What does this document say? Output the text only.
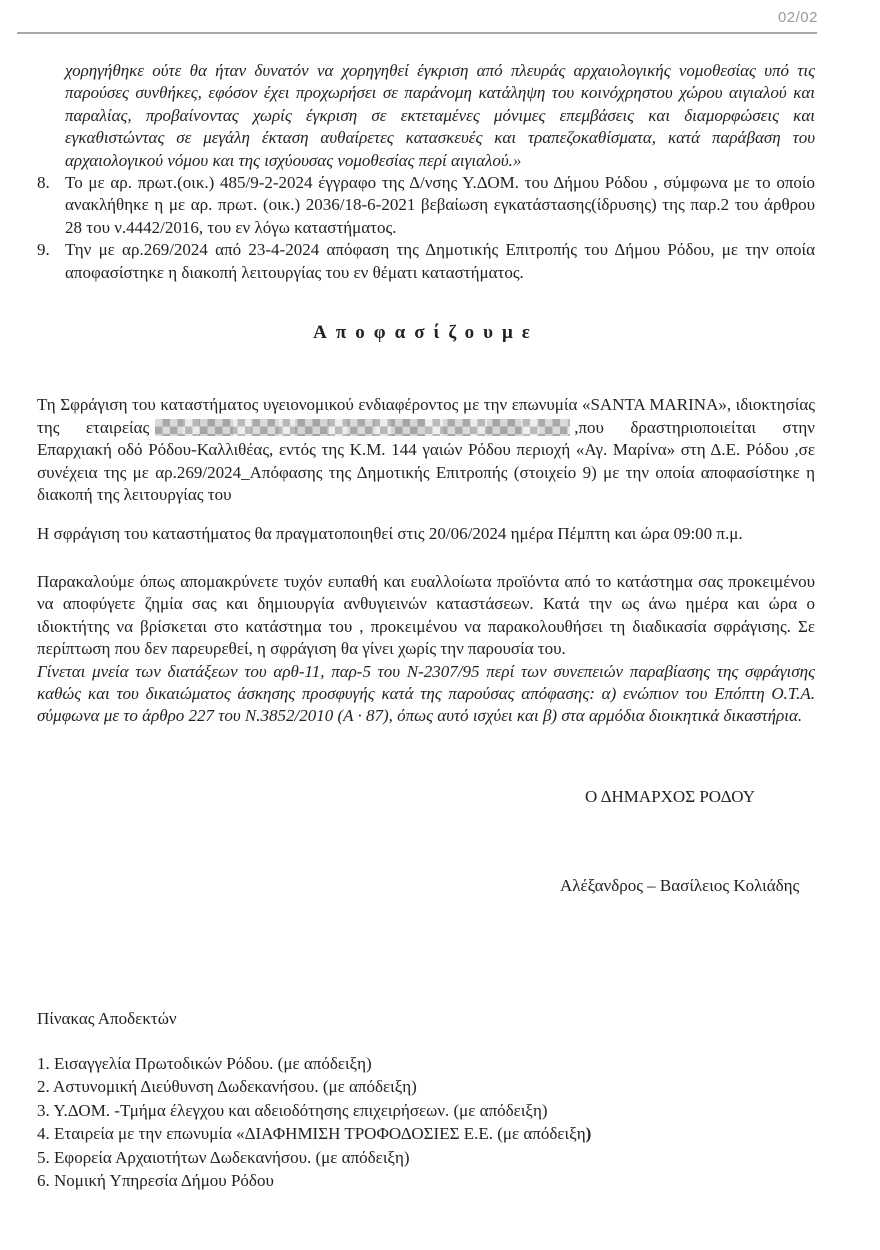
02/02
χορηγήθηκε ούτε θα ήταν δυνατόν να χορηγηθεί έγκριση από πλευράς αρχαιολογικής νομοθεσίας υπό τις παρούσες συνθήκες, εφόσον έχει προχωρήσει σε παράνομη κατάληψη του κοινόχρηστου χώρου αιγιαλού και παραλίας, προβαίνοντας χωρίς έγκριση σε εκτεταμένες μόνιμες επεμβάσεις και διαμορφώσεις και εγκαθιστώντας σε μεγάλη έκταση αυθαίρετες κατασκευές και τραπεζοκαθίσματα, κατά παράβαση του αρχαιολογικού νόμου και της ισχύουσας νομοθεσίας περί αιγιαλού.»
8. Το με αρ. πρωτ.(οικ.) 485/9-2-2024 έγγραφο της Δ/νσης Υ.ΔΟΜ. του Δήμου Ρόδου , σύμφωνα με το οποίο ανακλήθηκε η με αρ. πρωτ. (οικ.) 2036/18-6-2021 βεβαίωση εγκατάστασης(ίδρυσης) της παρ.2 του άρθρου 28 του ν.4442/2016, του εν λόγω καταστήματος.
9. Την με αρ.269/2024 από 23-4-2024 απόφαση της Δημοτικής Επιτροπής του Δήμου Ρόδου, με την οποία αποφασίστηκε η διακοπή λειτουργίας του εν θέματι καταστήματος.
Αποφασίζουμε
Τη Σφράγιση του καταστήματος υγειονομικού ενδιαφέροντος με την επωνυμία «SANTA MARINA», ιδιοκτησίας της εταιρείας	,που δραστηριοποιείται στην Επαρχιακή οδό Ρόδου-Καλλιθέας, εντός της Κ.Μ. 144 γαιών Ρόδου περιοχή «Αγ. Μαρίνα» στη Δ.Ε. Ρόδου ,σε συνέχεια της με αρ.269/2024_Απόφασης της Δημοτικής Επιτροπής (στοιχείο 9) με την οποία αποφασίστηκε η διακοπή της λειτουργίας του
Η σφράγιση του καταστήματος θα πραγματοποιηθεί στις 20/06/2024 ημέρα Πέμπτη και ώρα 09:00 π.μ.
Παρακαλούμε όπως απομακρύνετε τυχόν ευπαθή και ευαλλοίωτα προϊόντα από το κατάστημα σας προκειμένου να αποφύγετε ζημία σας και δημιουργία ανθυγιεινών καταστάσεων. Κατά την ως άνω ημέρα και ώρα ο ιδιοκτήτης να βρίσκεται στο κατάστημα του , προκειμένου να παρακολουθήσει τη διαδικασία σφράγισης. Σε περίπτωση που δεν παρευρεθεί, η σφράγιση θα γίνει χωρίς την παρουσία του.
Γίνεται μνεία των διατάξεων του αρθ-11, παρ-5 του Ν-2307/95 περί των συνεπειών παραβίασης της σφράγισης καθώς και του δικαιώματος άσκησης προσφυγής κατά της παρούσας απόφασης: α) ενώπιον του Επόπτη Ο.Τ.Α. σύμφωνα με το άρθρο 227 του Ν.3852/2010 (Α · 87), όπως αυτό ισχύει και β) στα αρμόδια διοικητικά δικαστήρια.
Ο ΔΗΜΑΡΧΟΣ ΡΟΔΟΥ
Αλέξανδρος – Βασίλειος Κολιάδης
Πίνακας Αποδεκτών
1. Εισαγγελία Πρωτοδικών Ρόδου. (με απόδειξη)
2. Αστυνομική Διεύθυνση Δωδεκανήσου. (με απόδειξη)
3. Υ.ΔΟΜ. -Τμήμα έλεγχου και αδειοδότησης επιχειρήσεων. (με απόδειξη)
4. Εταιρεία με την επωνυμία «ΔΙΑΦΗΜΙΣΗ ΤΡΟΦΟΔΟΣΙΕΣ Ε.Ε. (με απόδειξη)
5. Εφορεία Αρχαιοτήτων Δωδεκανήσου. (με απόδειξη)
6. Νομική Υπηρεσία Δήμου Ρόδου
